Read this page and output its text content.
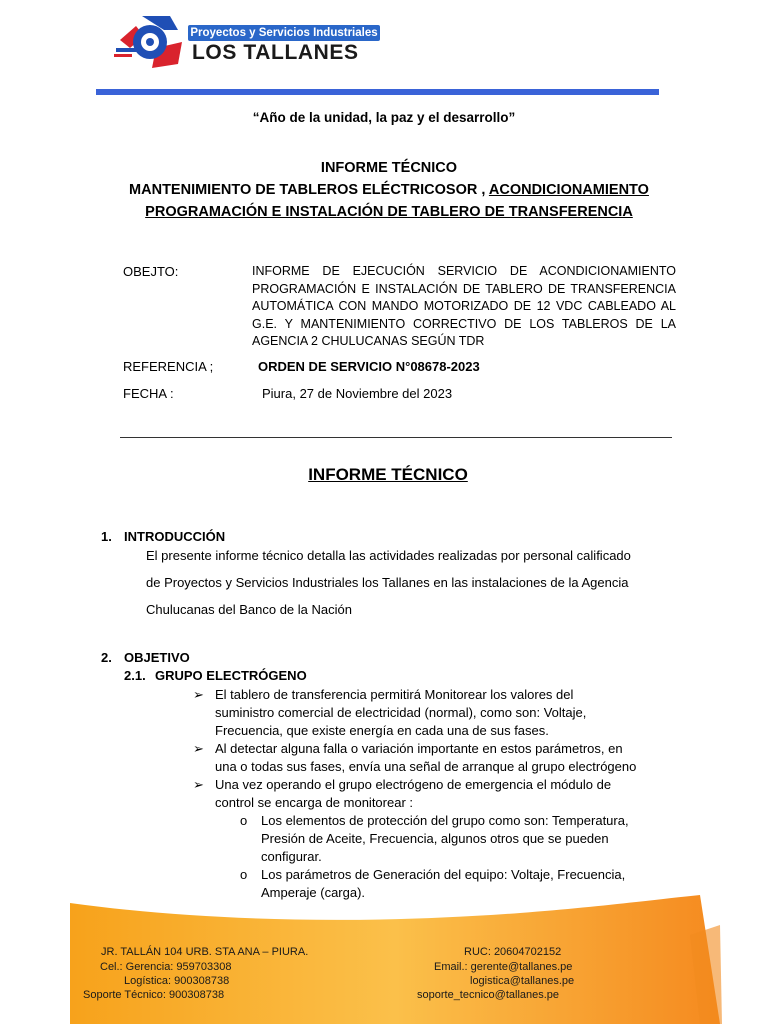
Proyectos y Servicios Industriales
LOS TALLANES
“Año de la unidad, la paz y el desarrollo”
INFORME TÉCNICO
MANTENIMIENTO DE TABLEROS ELÉCTRICOSOR , ACONDICIONAMIENTO
PROGRAMACIÓN E INSTALACIÓN DE TABLERO DE TRANSFERENCIA
OBEJTO:	INFORME DE EJECUCIÓN SERVICIO DE ACONDICIONAMIENTO
PROGRAMACIÓN E INSTALACIÓN DE TABLERO DE TRANSFERENCIA
AUTOMÁTICA CON MANDO MOTORIZADO DE 12 VDC CABLEADO AL
G.E. Y MANTENIMIENTO CORRECTIVO DE LOS TABLEROS DE LA
AGENCIA 2 CHULUCANAS SEGÚN TDR
REFERENCIA ;	ORDEN DE SERVICIO N°08678-2023
FECHA :	Piura, 27 de Noviembre del 2023
INFORME TÉCNICO
1. INTRODUCCIÓN
El presente informe técnico detalla las actividades realizadas por personal calificado
de Proyectos y Servicios Industriales los Tallanes en las instalaciones de la Agencia
Chulucanas del Banco de la Nación
2. OBJETIVO
2.1. GRUPO ELECTRÓGENO
➢ El tablero de transferencia permitirá Monitorear los valores del
suministro comercial de electricidad (normal), como son: Voltaje,
Frecuencia, que existe energía en cada una de sus fases.
➢ Al detectar alguna falla o variación importante en estos parámetros, en
una o todas sus fases, envía una señal de arranque al grupo electrógeno
➢ Una vez operando el grupo electrógeno de emergencia el módulo de
control se encarga de monitorear :
o Los elementos de protección del grupo como son: Temperatura,
Presión de Aceite, Frecuencia, algunos otros que se pueden
configurar.
o Los parámetros de Generación del equipo: Voltaje, Frecuencia,
Amperaje (carga).
JR. TALLÁN 104 URB. STA ANA – PIURA.
Cel.: Gerencia: 959703308
Logística: 900308738
Soporte Técnico: 900308738
RUC: 20604702152
Email.: gerente@tallanes.pe
logistica@tallanes.pe
soporte_tecnico@tallanes.pe
